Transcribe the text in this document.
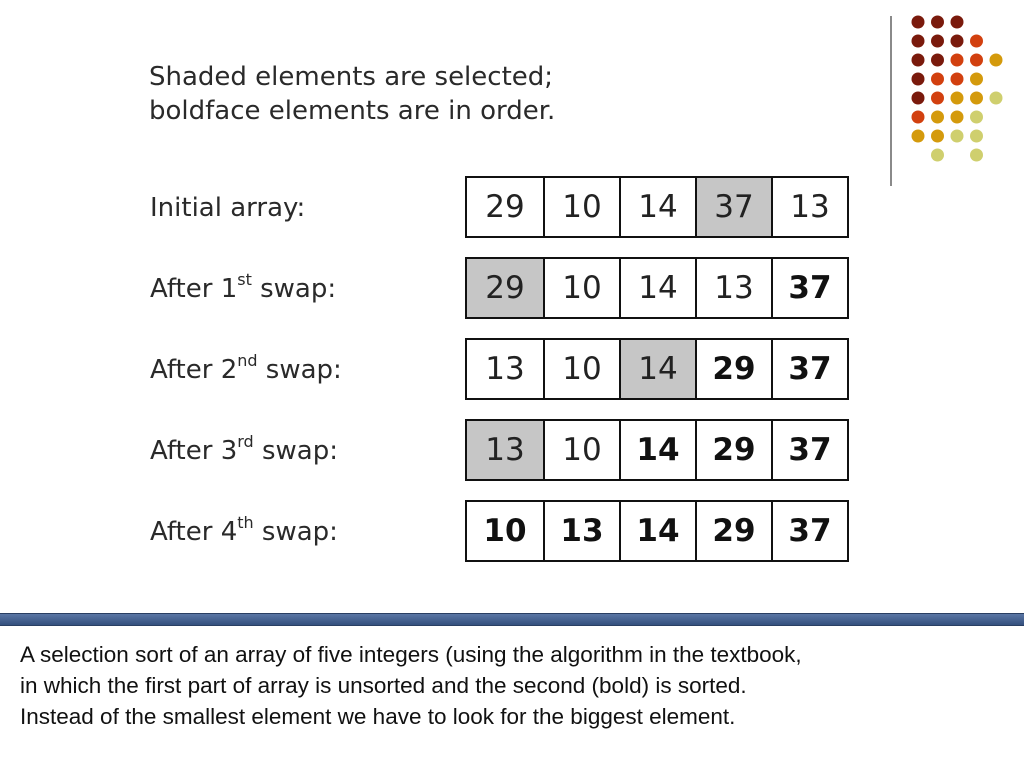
Shaded elements are selected;
boldface elements are in order.
Initial array:	29	10	14	37	13
After 1st swap:	29	10	14	13	37
After 2nd swap:	13	10	14	29	37
After 3rd swap:	13	10	14	29	37
After 4th swap:	10	13	14	29	37
A selection sort of an array of five integers (using the algorithm in the textbook,
in which the first part of array is unsorted and the second (bold) is sorted.
Instead of the smallest element we have to look for the biggest element.
